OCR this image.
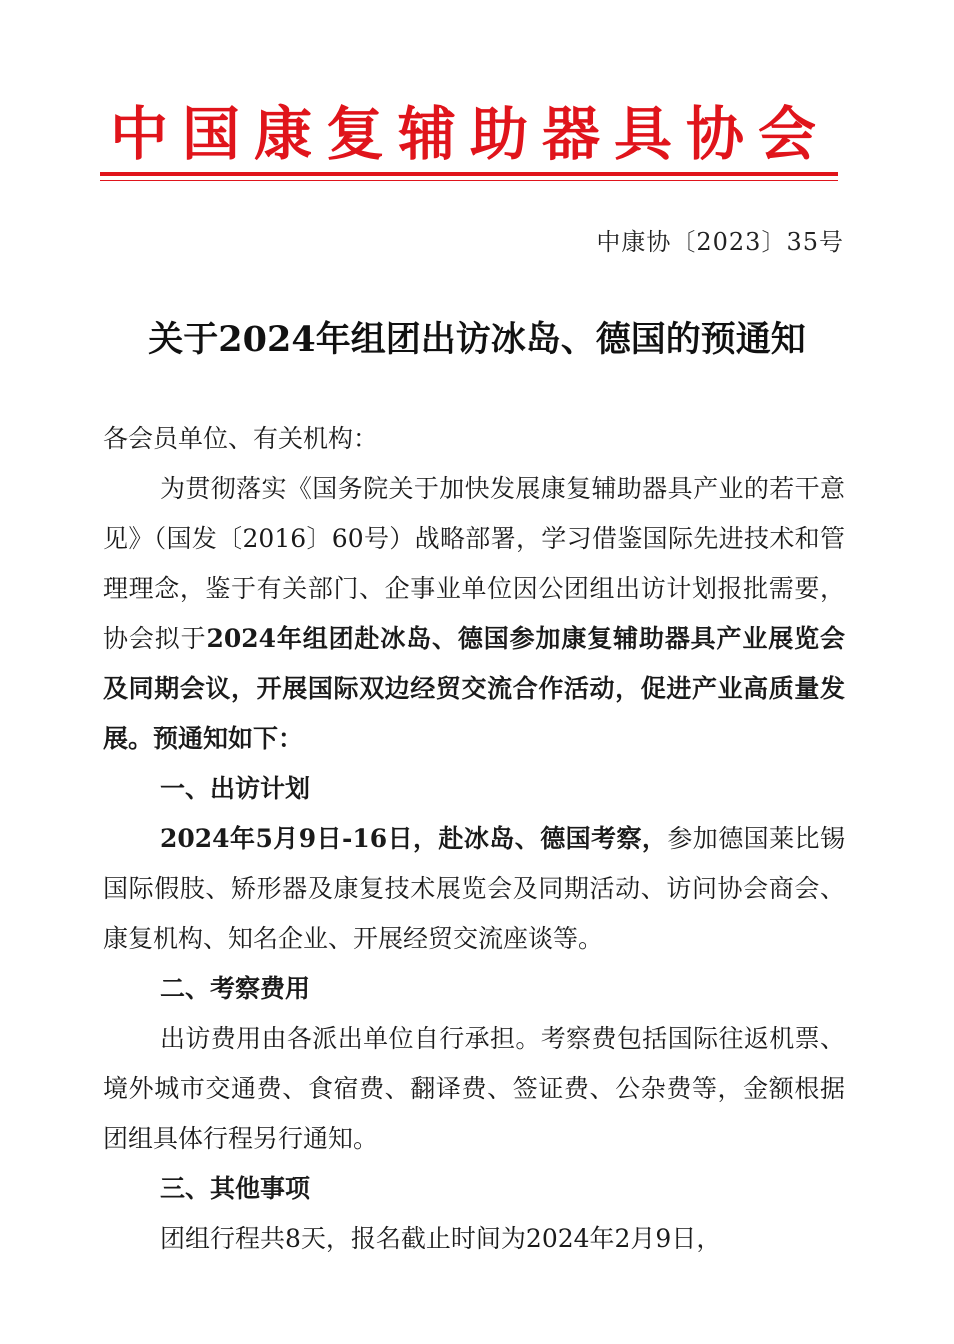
中国康复辅助器具协会
中康协〔2023〕35号
关于2024年组团出访冰岛、德国的预通知

各会员单位、有关机构：

为贯彻落实《国务院关于加快发展康复辅助器具产业的若干意见》（国发〔2016〕60号）战略部署，学习借鉴国际先进技术和管理理念，鉴于有关部门、企事业单位因公团组出访计划报批需要，协会拟于2024年组团赴冰岛、德国参加康复辅助器具产业展览会及同期会议，开展国际双边经贸交流合作活动，促进产业高质量发展。预通知如下：

一、出访计划

2024年5月9日-16日，赴冰岛、德国考察，参加德国莱比锡国际假肢、矫形器及康复技术展览会及同期活动、访问协会商会、康复机构、知名企业、开展经贸交流座谈等。

二、考察费用

出访费用由各派出单位自行承担。考察费包括国际往返机票、境外城市交通费、食宿费、翻译费、签证费、公杂费等，金额根据团组具体行程另行通知。

三、其他事项

团组行程共8天，报名截止时间为2024年2月9日，
